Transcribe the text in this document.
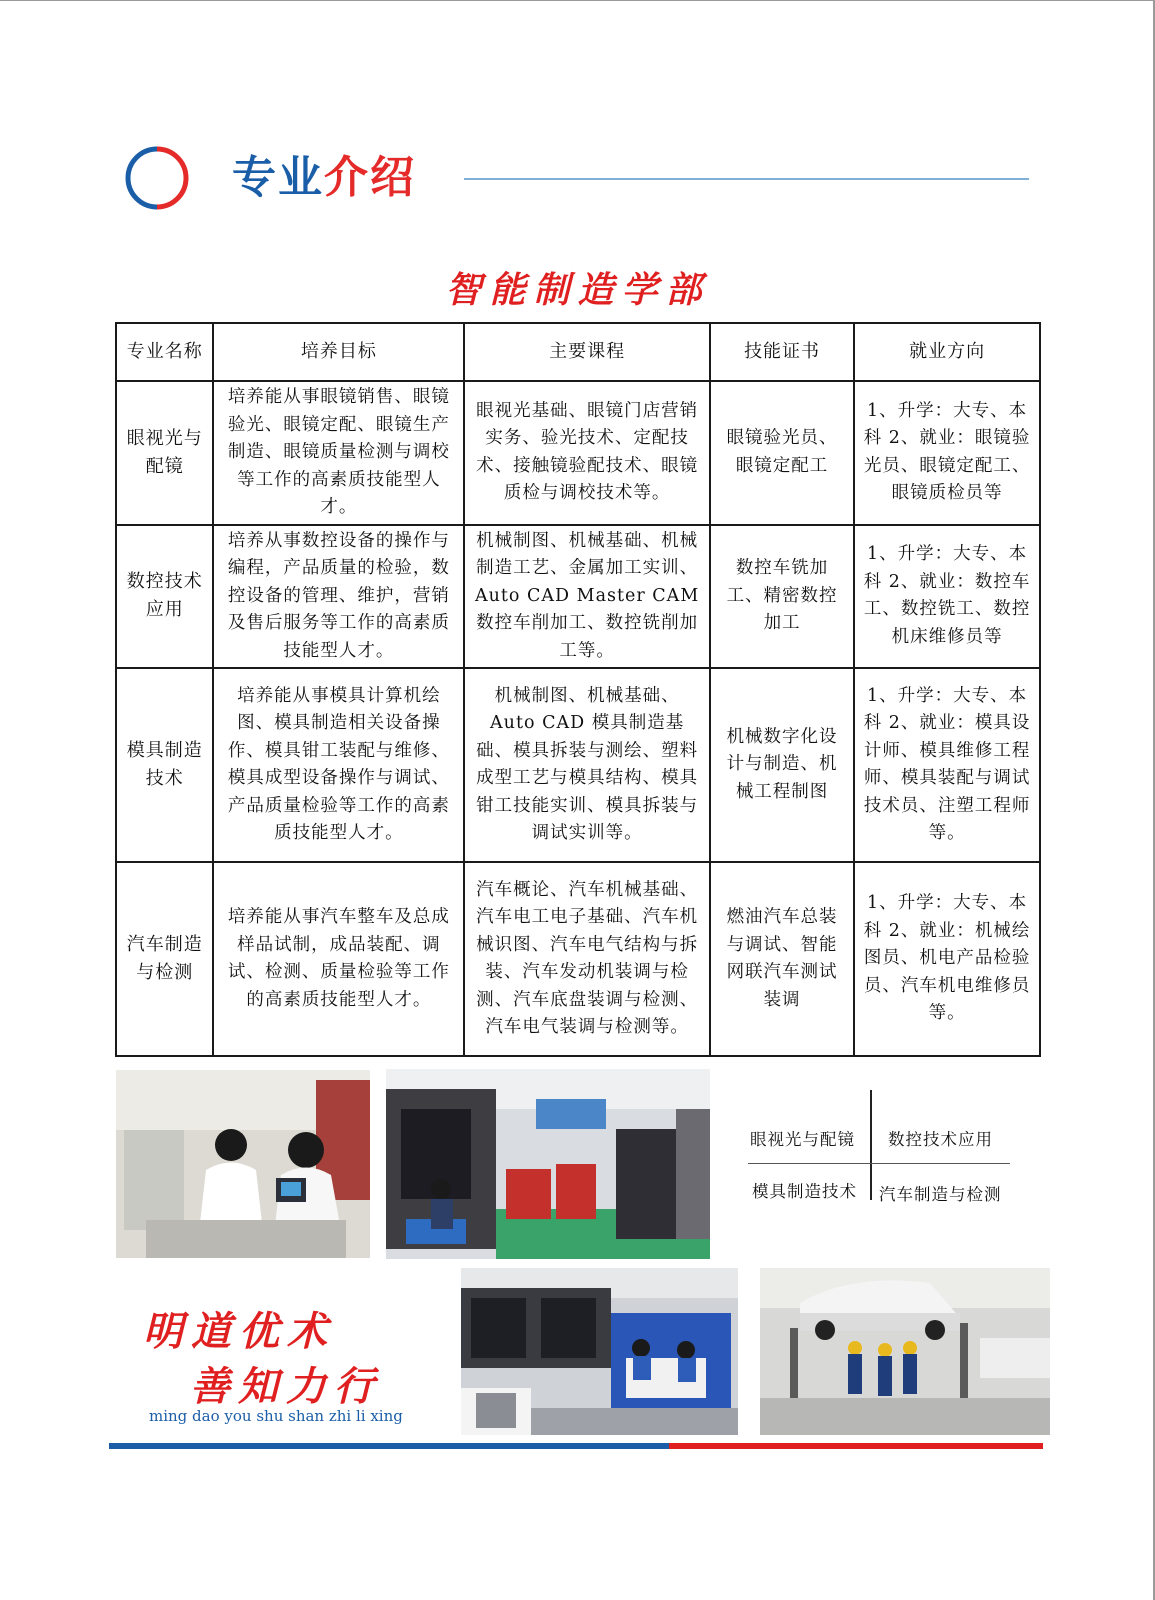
专业介绍
智能制造学部
专业名称	培养目标	主要课程	技能证书	就业方向
眼视光与配镜	培养能从事眼镜销售、眼镜验光、眼镜定配、眼镜生产制造、眼镜质量检测与调校等工作的高素质技能型人才。	眼视光基础、眼镜门店营销实务、验光技术、定配技术、接触镜验配技术、眼镜质检与调校技术等。	眼镜验光员、眼镜定配工	1、升学：大专、本科 2、就业：眼镜验光员、眼镜定配工、眼镜质检员等
数控技术应用	培养从事数控设备的操作与编程，产品质量的检验，数控设备的管理、维护，营销及售后服务等工作的高素质技能型人才。	机械制图、机械基础、机械制造工艺、金属加工实训、Auto CAD Master CAM 数控车削加工、数控铣削加工等。	数控车铣加工、精密数控加工	1、升学：大专、本科 2、就业：数控车工、数控铣工、数控机床维修员等
模具制造技术	培养能从事模具计算机绘图、模具制造相关设备操作、模具钳工装配与维修、模具成型设备操作与调试、产品质量检验等工作的高素质技能型人才。	机械制图、机械基础、Auto CAD 模具制造基础、模具拆装与测绘、塑料成型工艺与模具结构、模具钳工技能实训、模具拆装与调试实训等。	机械数字化设计与制造、机械工程制图	1、升学：大专、本科 2、就业：模具设计师、模具维修工程师、模具装配与调试技术员、注塑工程师等。
汽车制造与检测	培养能从事汽车整车及总成样品试制，成品装配、调试、检测、质量检验等工作的高素质技能型人才。	汽车概论、汽车机械基础、汽车电工电子基础、汽车机械识图、汽车电气结构与拆装、汽车发动机装调与检测、汽车底盘装调与检测、汽车电气装调与检测等。	燃油汽车总装与调试、智能网联汽车测试装调	1、升学：大专、本科 2、就业：机械绘图员、机电产品检验员、汽车机电维修员等。
眼视光与配镜 数控技术应用
模具制造技术 汽车制造与检测
明道优术
善知力行
ming dao you shu shan zhi li xing
